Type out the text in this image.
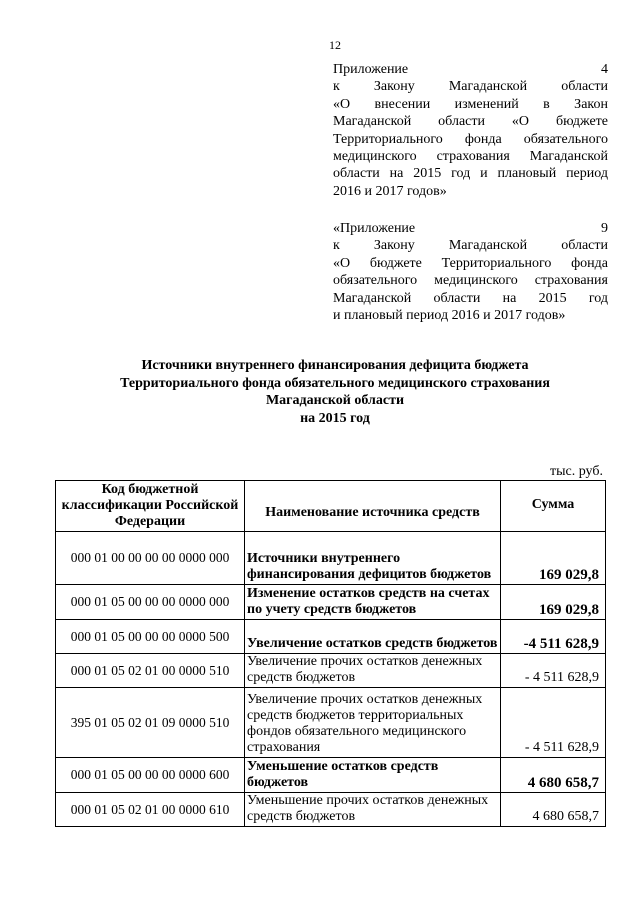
12
Приложение 4
к Закону Магаданской области
«О внесении изменений в Закон
Магаданской области «О бюджете
Территориального фонда обязательного
медицинского страхования Магаданской
области на 2015 год и плановый период
2016 и 2017 годов»
«Приложение 9
к Закону Магаданской области
«О бюджете Территориального фонда
обязательного медицинского страхования
Магаданской области на 2015 год
и плановый период 2016 и 2017 годов»
Источники внутреннего финансирования дефицита бюджета
Территориального фонда обязательного медицинского страхования
Магаданской области
на 2015 год
тыс. руб.
Код бюджетной классификации Российской Федерации	Наименование источника средств	Сумма
000 01 00 00 00 00 0000 000	Источники внутреннего финансирования дефицитов бюджетов	169 029,8
000 01 05 00 00 00 0000 000	Изменение остатков средств на счетах по учету средств бюджетов	169 029,8
000 01 05 00 00 00 0000 500	Увеличение остатков средств бюджетов	-4 511 628,9
000 01 05 02 01 00 0000 510	Увеличение прочих остатков денежных средств бюджетов	- 4 511 628,9
395 01 05 02 01 09 0000 510	Увеличение прочих остатков денежных средств бюджетов территориальных фондов обязательного медицинского страхования	- 4 511 628,9
000 01 05 00 00 00 0000 600	Уменьшение остатков средств бюджетов	4 680 658,7
000 01 05 02 01 00 0000 610	Уменьшение прочих остатков денежных средств бюджетов	4 680 658,7
